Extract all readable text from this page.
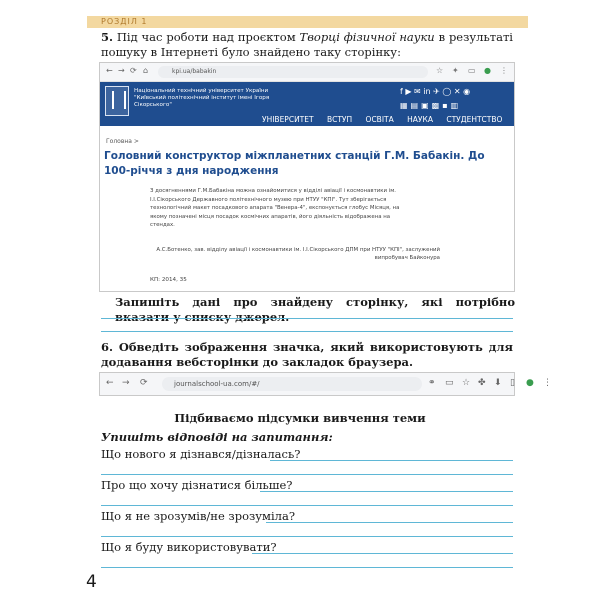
РОЗДІЛ 1
5. Під час роботи над проєктом Творці фізичної науки в результаті пошуку в Інтернеті було знайдено таку сторінку:
← → ⟳ ⌂	kpi.ua/babakin	☆ ✦ ▭ ● ⋮
Національний технічний університет України "Київський політехнічний інститут імені Ігоря Сікорського"
f ▶ ✉ in ✈ ◯ ✕ ◉
▦▤▣▩▪▥
УНІВЕРСИТЕТ ВСТУП ОСВІТА НАУКА СТУДЕНТСТВО
Головна >
Головний конструктор міжпланетних станцій Г.М. Бабакін. До 100-річчя з дня народження
З досягненнями Г.М.Бабакіна можна ознайомитися у відділі авіації і космонавтики ім. І.І.Сікорського Державного політехнічного музею при НТУУ "КПІ". Тут зберігається технологічний макет посадкового апарата "Венера-4", експонується глобус Місяця, на якому позначені місця посадок космічних апаратів, його діяльність відображена на стендах.
А.С.Ботенко, зав. відділу авіації і космонавтики ім. І.І.Сікорського ДПМ при НТУУ "КПІ", заслужений випробувач Байконура
КП: 2014, 35
Запишіть дані про знайдену сторінку, які потрібно вказати у списку джерел.
6. Обведіть зображення значка, який використовують для додавання вебсторінки до закладок браузера.
← → ⟳	journalschool-ua.com/#/	⚭ ▭ ☆ ✤ ⬇ ▯ ● ⋮
Підбиваємо підсумки вивчення теми
Упишіть відповіді на запитання:
Що нового я дізнався/дізналась?
Про що хочу дізнатися більше?
Що я не зрозумів/не зрозуміла?
Що я буду використовувати?
4
